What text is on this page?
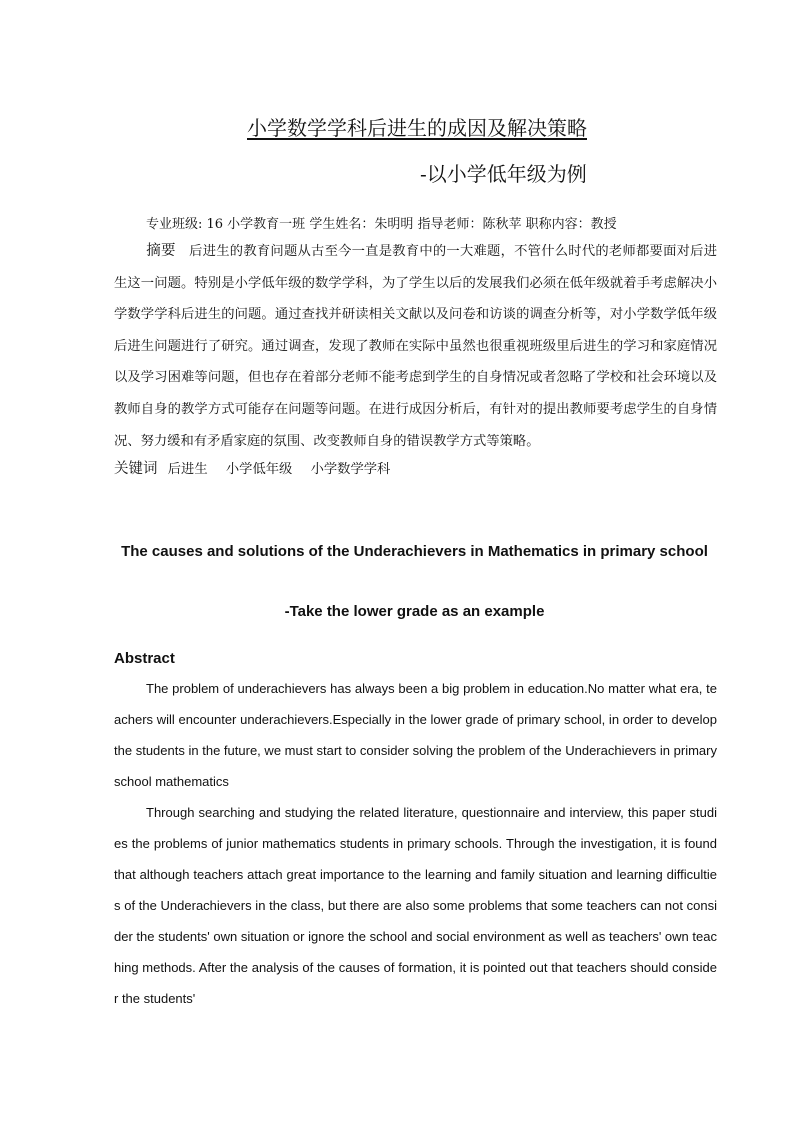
小学数学学科后进生的成因及解决策略
-以小学低年级为例
专业班级: 16 小学教育一班 学生姓名：朱明明 指导老师：陈秋苹 职称内容：教授
摘要 后进生的教育问题从古至今一直是教育中的一大难题，不管什么时代的老师都要面对后进生这一问题。特别是小学低年级的数学学科，为了学生以后的发展我们必须在低年级就着手考虑解决小学数学学科后进生的问题。通过查找并研读相关文献以及问卷和访谈的调查分析等，对小学数学低年级后进生问题进行了研究。通过调查，发现了教师在实际中虽然也很重视班级里后进生的学习和家庭情况以及学习困难等问题，但也存在着部分老师不能考虑到学生的自身情况或者忽略了学校和社会环境以及教师自身的教学方式可能存在问题等问题。在进行成因分析后，有针对的提出教师要考虑学生的自身情况、努力缓和有矛盾家庭的氛围、改变教师自身的错误教学方式等策略。
关键词 后进生 小学低年级 小学数学学科
The causes and solutions of the Underachievers in Mathematics in primary school
-Take the lower grade as an example
Abstract

The problem of underachievers has always been a big problem in education.No matter what era, teachers will encounter underachievers.Especially in the lower grade of primary school, in order to develop the students in the future, we must start to consider solving the problem of the Underachievers in primary school mathematics

Through searching and studying the related literature, questionnaire and interview, this paper studies the problems of junior mathematics students in primary schools. Through the investigation, it is found that although teachers attach great importance to the learning and family situation and learning difficulties of the Underachievers in the class, but there are also some problems that some teachers can not consider the students' own situation or ignore the school and social environment as well as teachers' own teaching methods. After the analysis of the causes of formation, it is pointed out that teachers should consider the students'
